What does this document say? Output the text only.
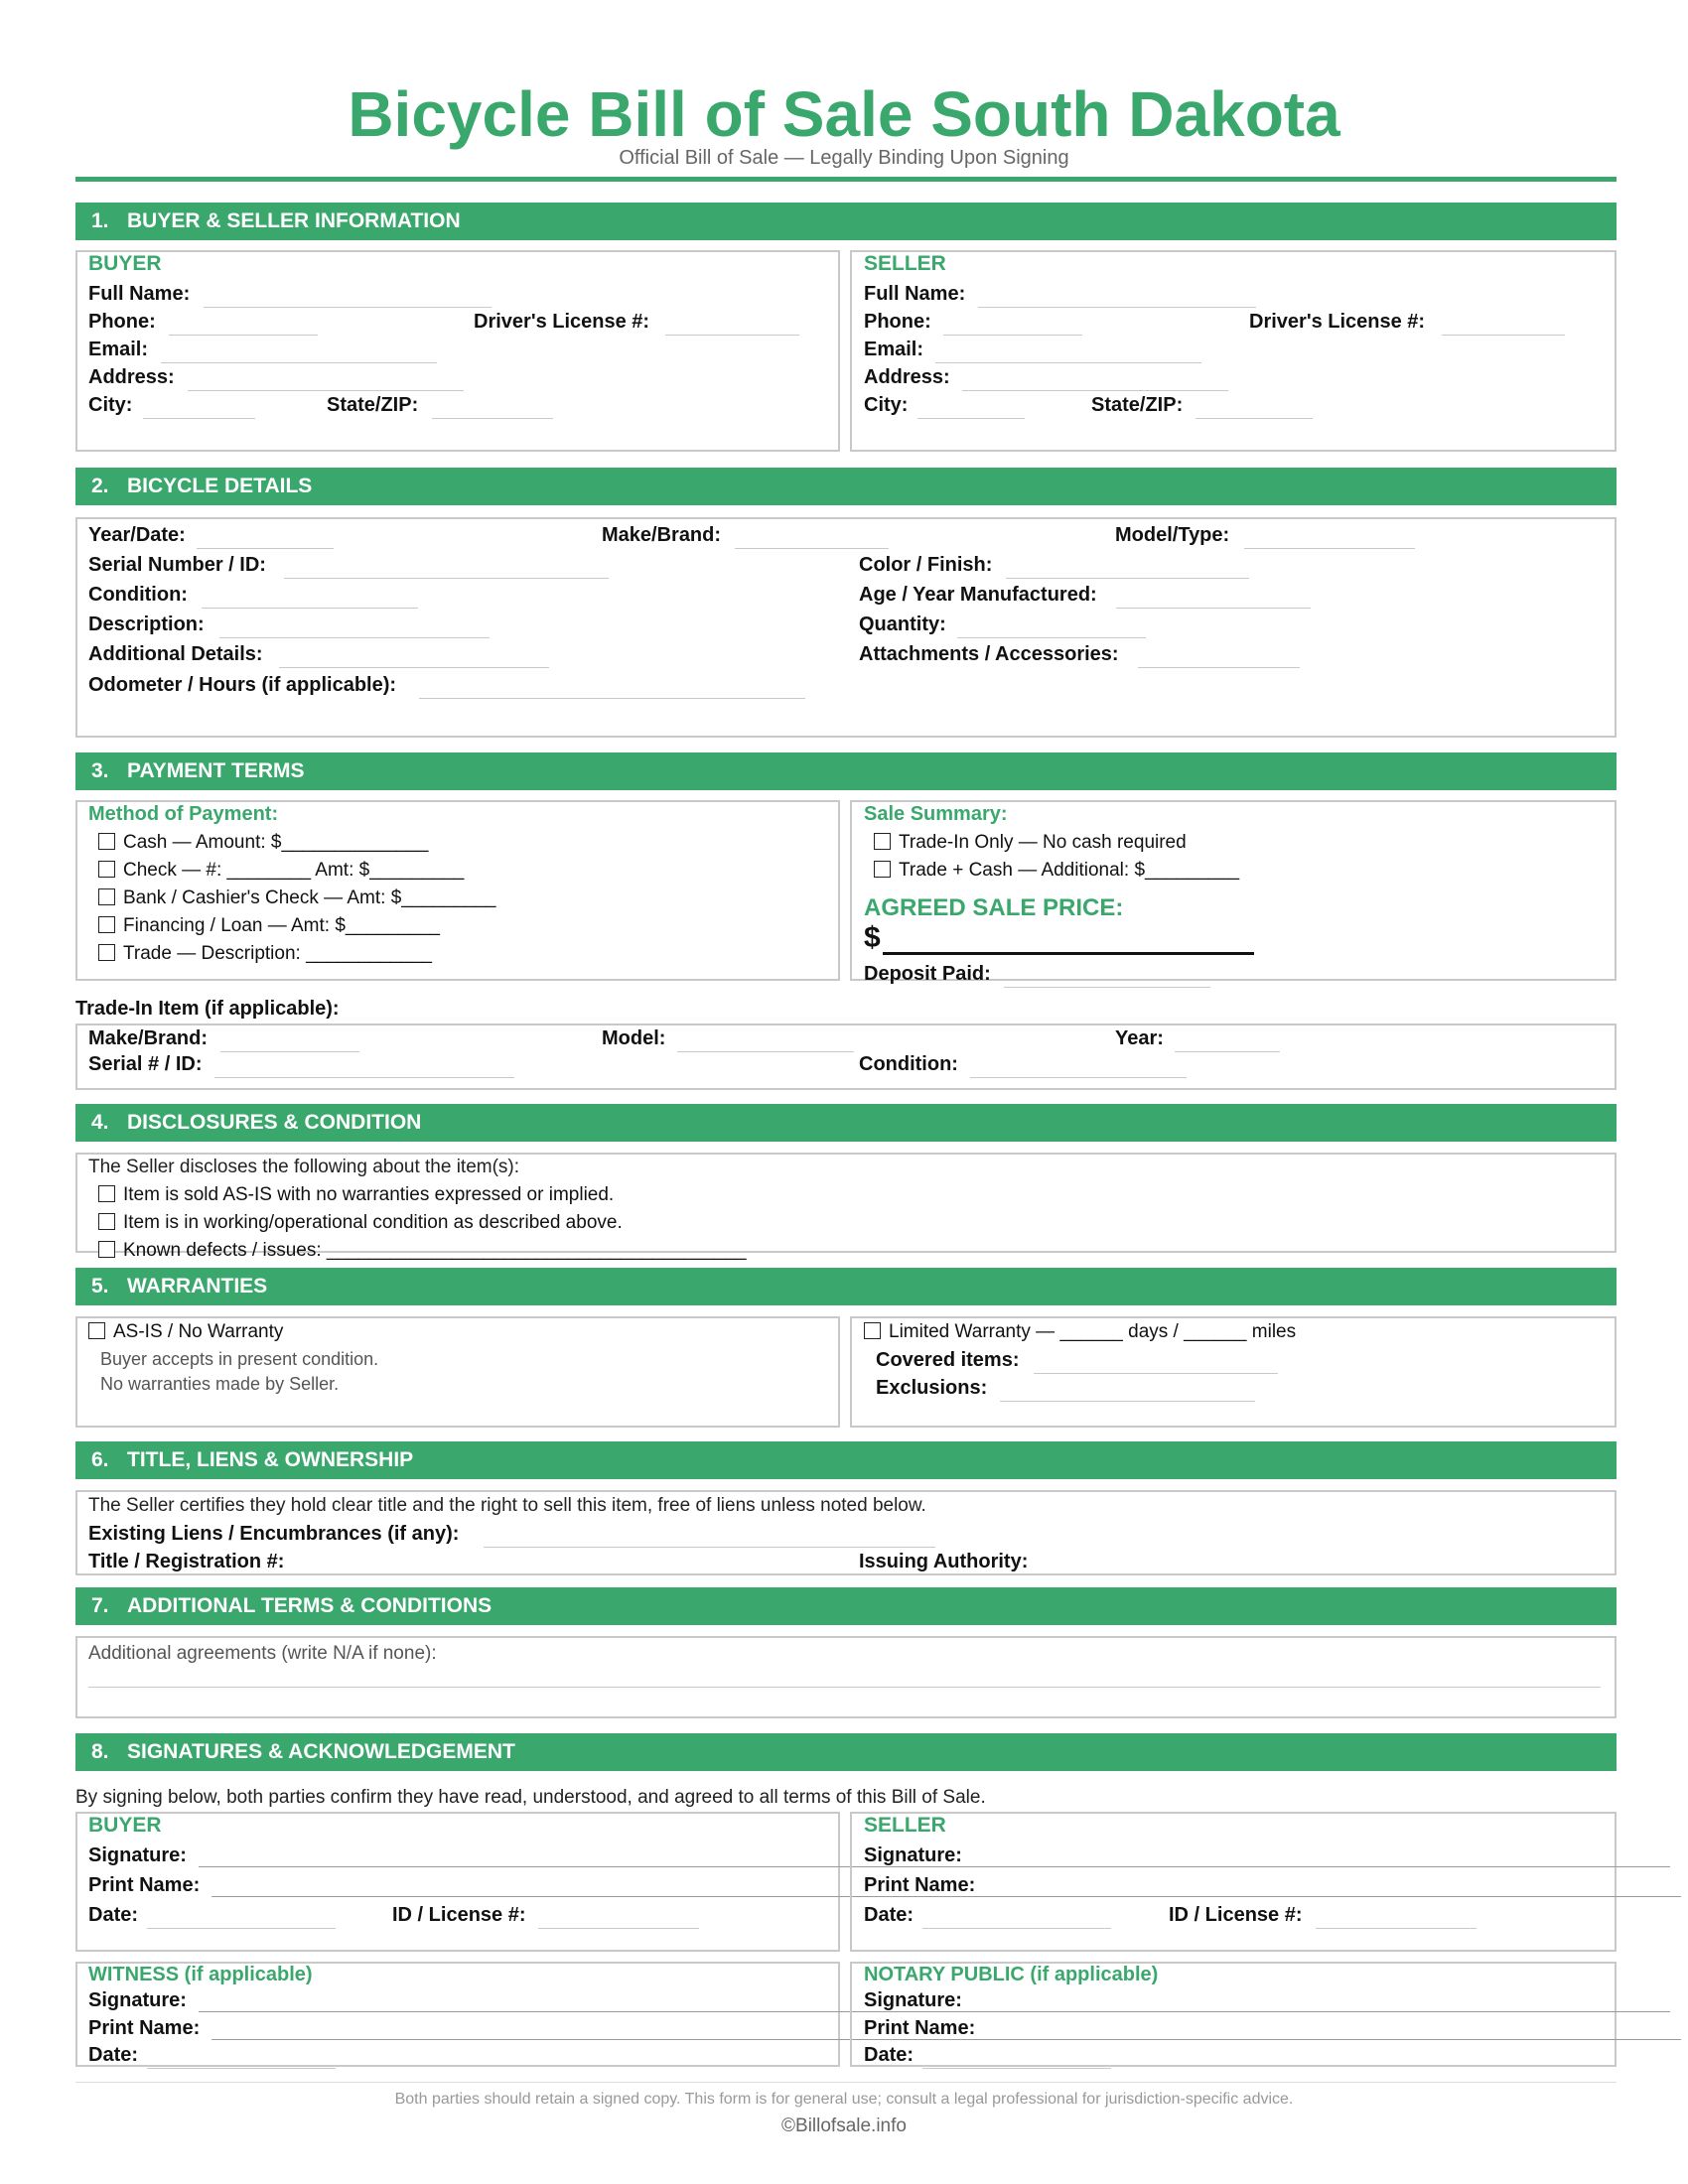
Bicycle Bill of Sale South Dakota
Official Bill of Sale — Legally Binding Upon Signing
1. BUYER & SELLER INFORMATION
BUYER
Full Name:
Phone:	Driver's License #:
Email:
Address:
City:	State/ZIP:
SELLER
Full Name:
Phone:	Driver's License #:
Email:
Address:
City:	State/ZIP:
2. BICYCLE DETAILS
Year/Date:	Make/Brand:	Model/Type:
Serial Number / ID:	Color / Finish:
Condition:	Age / Year Manufactured:
Description:	Quantity:
Additional Details:	Attachments / Accessories:
Odometer / Hours (if applicable):
3. PAYMENT TERMS
Method of Payment:
Cash — Amount: $______________
Check — #: ________ Amt: $_________
Bank / Cashier's Check — Amt: $_________
Financing / Loan — Amt: $_________
Trade — Description: ____________
Sale Summary:
Trade-In Only — No cash required
Trade + Cash — Additional: $_________
AGREED SALE PRICE:
$
Deposit Paid:
Trade-In Item (if applicable):
Make/Brand:	Model:	Year:
Serial # / ID:	Condition:
4. DISCLOSURES & CONDITION
The Seller discloses the following about the item(s):
Item is sold AS-IS with no warranties expressed or implied.
Item is in working/operational condition as described above.
Known defects / issues: ________________________________________
5. WARRANTIES
AS-IS / No Warranty
Buyer accepts in present condition.
No warranties made by Seller.
Limited Warranty — ______ days / ______ miles
Covered items:
Exclusions:
6. TITLE, LIENS & OWNERSHIP
The Seller certifies they hold clear title and the right to sell this item, free of liens unless noted below.
Existing Liens / Encumbrances (if any):
Title / Registration #:	Issuing Authority:
7. ADDITIONAL TERMS & CONDITIONS
Additional agreements (write N/A if none):
8. SIGNATURES & ACKNOWLEDGEMENT
By signing below, both parties confirm they have read, understood, and agreed to all terms of this Bill of Sale.
BUYER
Signature:
Print Name:
Date:	ID / License #:
SELLER
Signature:
Print Name:
Date:	ID / License #:
WITNESS (if applicable)
Signature:
Print Name:
Date:
NOTARY PUBLIC (if applicable)
Signature:
Print Name:
Date:
Both parties should retain a signed copy. This form is for general use; consult a legal professional for jurisdiction-specific advice.
©Billofsale.info
